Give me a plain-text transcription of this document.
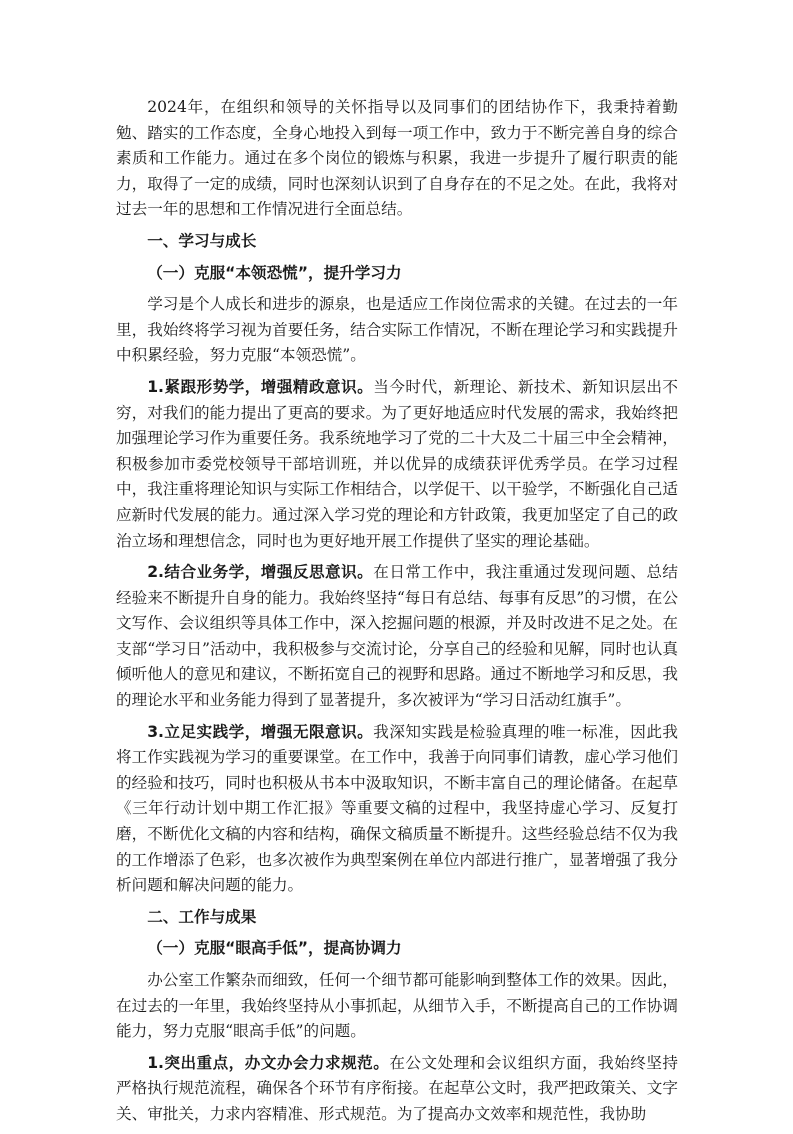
2024年，在组织和领导的关怀指导以及同事们的团结协作下，我秉持着勤勉、踏实的工作态度，全身心地投入到每一项工作中，致力于不断完善自身的综合素质和工作能力。通过在多个岗位的锻炼与积累，我进一步提升了履行职责的能力，取得了一定的成绩，同时也深刻认识到了自身存在的不足之处。在此，我将对过去一年的思想和工作情况进行全面总结。

一、学习与成长
（一）克服“本领恐慌”，提升学习力

学习是个人成长和进步的源泉，也是适应工作岗位需求的关键。在过去的一年里，我始终将学习视为首要任务，结合实际工作情况，不断在理论学习和实践提升中积累经验，努力克服“本领恐慌”。

1.紧跟形势学，增强精政意识。当今时代，新理论、新技术、新知识层出不穷，对我们的能力提出了更高的要求。为了更好地适应时代发展的需求，我始终把加强理论学习作为重要任务。我系统地学习了党的二十大及二十届三中全会精神，积极参加市委党校领导干部培训班，并以优异的成绩获评优秀学员。在学习过程中，我注重将理论知识与实际工作相结合，以学促干、以干验学，不断强化自己适应新时代发展的能力。通过深入学习党的理论和方针政策，我更加坚定了自己的政治立场和理想信念，同时也为更好地开展工作提供了坚实的理论基础。

2.结合业务学，增强反思意识。在日常工作中，我注重通过发现问题、总结经验来不断提升自身的能力。我始终坚持“每日有总结、每事有反思”的习惯，在公文写作、会议组织等具体工作中，深入挖掘问题的根源，并及时改进不足之处。在支部“学习日”活动中，我积极参与交流讨论，分享自己的经验和见解，同时也认真倾听他人的意见和建议，不断拓宽自己的视野和思路。通过不断地学习和反思，我的理论水平和业务能力得到了显著提升，多次被评为“学习日活动红旗手”。

3.立足实践学，增强无限意识。我深知实践是检验真理的唯一标准，因此我将工作实践视为学习的重要课堂。在工作中，我善于向同事们请教，虚心学习他们的经验和技巧，同时也积极从书本中汲取知识，不断丰富自己的理论储备。在起草《三年行动计划中期工作汇报》等重要文稿的过程中，我坚持虚心学习、反复打磨，不断优化文稿的内容和结构，确保文稿质量不断提升。这些经验总结不仅为我的工作增添了色彩，也多次被作为典型案例在单位内部进行推广，显著增强了我分析问题和解决问题的能力。

二、工作与成果
（一）克服“眼高手低”，提高协调力

办公室工作繁杂而细致，任何一个细节都可能影响到整体工作的效果。因此，在过去的一年里，我始终坚持从小事抓起，从细节入手，不断提高自己的工作协调能力，努力克服“眼高手低”的问题。

1.突出重点，办文办会力求规范。在公文处理和会议组织方面，我始终坚持严格执行规范流程，确保各个环节有序衔接。在起草公文时，我严把政策关、文字关、审批关，力求内容精准、形式规范。为了提高办文效率和规范性，我协助
